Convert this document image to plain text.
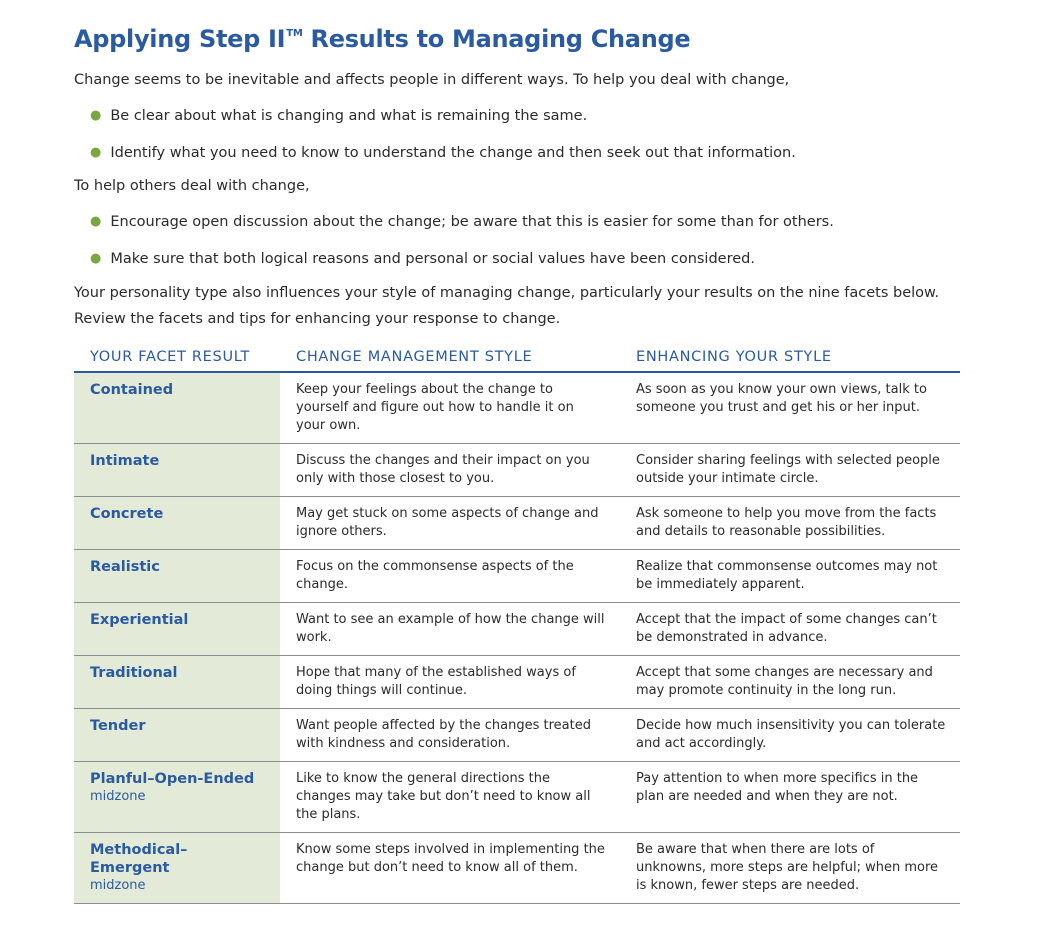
Applying Step II™ Results to Managing Change

Change seems to be inevitable and affects people in different ways. To help you deal with change,

● Be clear about what is changing and what is remaining the same.
● Identify what you need to know to understand the change and then seek out that information.

To help others deal with change,

● Encourage open discussion about the change; be aware that this is easier for some than for others.
● Make sure that both logical reasons and personal or social values have been considered.

Your personality type also influences your style of managing change, particularly your results on the nine facets below. Review the facets and tips for enhancing your response to change.

YOUR FACET RESULT	CHANGE MANAGEMENT STYLE	ENHANCING YOUR STYLE

Contained	Keep your feelings about the change to yourself and figure out how to handle it on your own.	As soon as you know your own views, talk to someone you trust and get his or her input.

Intimate	Discuss the changes and their impact on you only with those closest to you.	Consider sharing feelings with selected people outside your intimate circle.

Concrete	May get stuck on some aspects of change and ignore others.	Ask someone to help you move from the facts and details to reasonable possibilities.

Realistic	Focus on the commonsense aspects of the change.	Realize that commonsense outcomes may not be immediately apparent.

Experiential	Want to see an example of how the change will work.	Accept that the impact of some changes can’t be demonstrated in advance.

Traditional	Hope that many of the established ways of doing things will continue.	Accept that some changes are necessary and may promote continuity in the long run.

Tender	Want people affected by the changes treated with kindness and consideration.	Decide how much insensitivity you can tolerate and act accordingly.

Planful–Open-Ended
midzone	Like to know the general directions the changes may take but don’t need to know all the plans.	Pay attention to when more specifics in the plan are needed and when they are not.

Methodical–Emergent
midzone	Know some steps involved in implementing the change but don’t need to know all of them.	Be aware that when there are lots of unknowns, more steps are helpful; when more is known, fewer steps are needed.
